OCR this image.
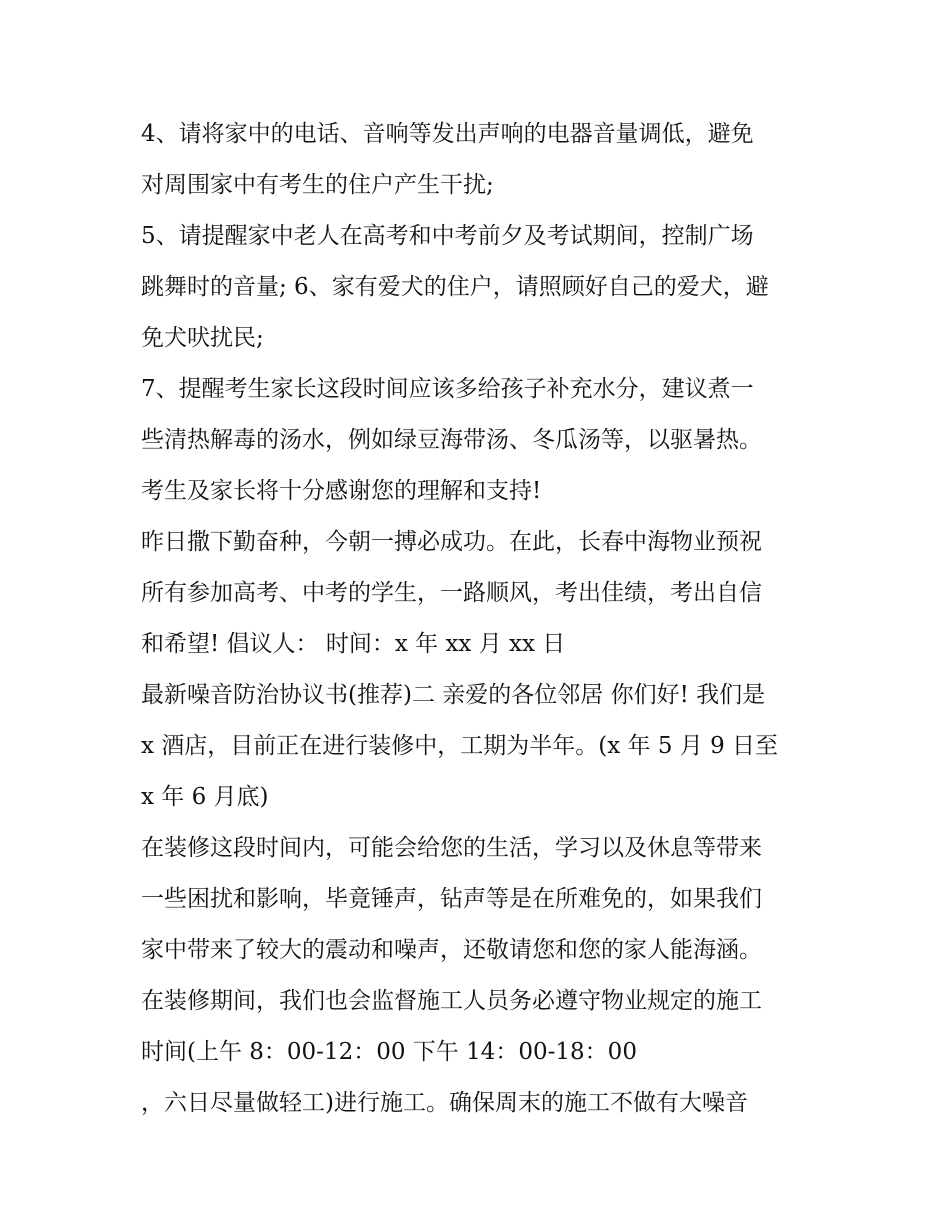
4、请将家中的电话、音响等发出声响的电器音量调低，避免
对周围家中有考生的住户产生干扰;
5、请提醒家中老人在高考和中考前夕及考试期间，控制广场
跳舞时的音量; 6、家有爱犬的住户，请照顾好自己的爱犬，避
免犬吠扰民;
7、提醒考生家长这段时间应该多给孩子补充水分，建议煮一
些清热解毒的汤水，例如绿豆海带汤、冬瓜汤等，以驱暑热。
考生及家长将十分感谢您的理解和支持!
昨日撒下勤奋种，今朝一搏必成功。在此，长春中海物业预祝
所有参加高考、中考的学生，一路顺风，考出佳绩，考出自信
和希望! 倡议人： 时间：x 年 xx 月 xx 日
最新噪音防治协议书(推荐)二 亲爱的各位邻居 你们好! 我们是
x 酒店，目前正在进行装修中，工期为半年。(x 年 5 月 9 日至
x 年 6 月底)
在装修这段时间内，可能会给您的生活，学习以及休息等带来
一些困扰和影响，毕竟锤声，钻声等是在所难免的，如果我们
家中带来了较大的震动和噪声，还敬请您和您的家人能海涵。
在装修期间，我们也会监督施工人员务必遵守物业规定的施工
时间(上午 8：00-12：00 下午 14：00-18：00
，六日尽量做轻工)进行施工。确保周末的施工不做有大噪音
